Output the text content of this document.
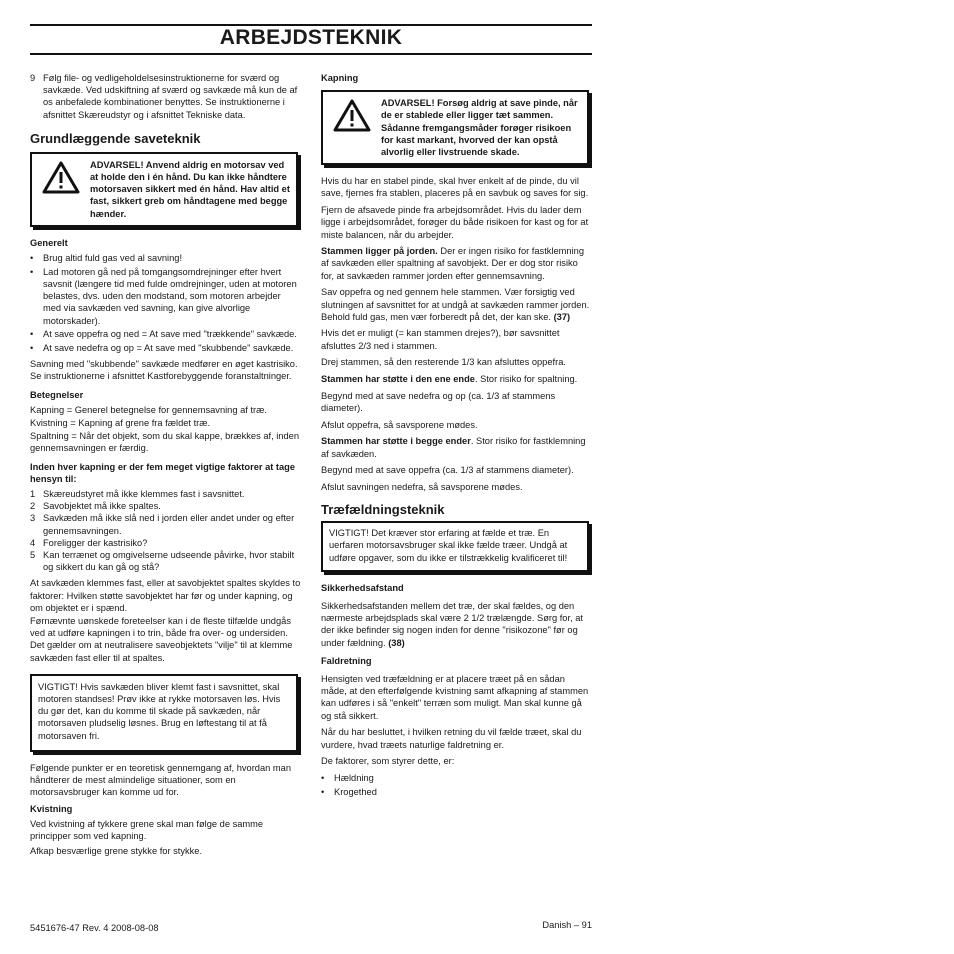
ARBEJDSTEKNIK
9 Følg file- og vedligeholdelsesinstruktionerne for sværd og savkæde. Ved udskiftning af sværd og savkæde må kun de af os anbefalede kombinationer benyttes. Se instruktionerne i afsnittet Skæreudstyr og i afsnittet Tekniske data.
Grundlæggende saveteknik
ADVARSEL! Anvend aldrig en motorsav ved at holde den i én hånd. Du kan ikke håndtere motorsaven sikkert med én hånd. Hav altid et fast, sikkert greb om håndtagene med begge hænder.
Generelt
•	Brug altid fuld gas ved al savning!
•	Lad motoren gå ned på tomgangsomdrejninger efter hvert savsnit (længere tid med fulde omdrejninger, uden at motoren belastes, dvs. uden den modstand, som motoren arbejder med via savkæden ved savning, kan give alvorlige motorskader).
•	At save oppefra og ned = At save med "trækkende" savkæde.
•	At save nedefra og op = At save med "skubbende" savkæde.

Savning med "skubbende" savkæde medfører en øget kastrisiko. Se instruktionerne i afsnittet Kastforebyggende foranstaltninger.

Betegnelser

Kapning = Generel betegnelse for gennemsavning af træ.

Kvistning = Kapning af grene fra fældet træ.

Spaltning = Når det objekt, som du skal kappe, brækkes af, inden gennemsavningen er færdig.

Inden hver kapning er der fem meget vigtige faktorer at tage hensyn til:
1 Skæreudstyret må ikke klemmes fast i savsnittet.
2 Savobjektet må ikke spaltes.
3 Savkæden må ikke slå ned i jorden eller andet under og efter gennemsavningen.
4 Foreligger der kastrisiko?
5 Kan terrænet og omgivelserne udseende påvirke, hvor stabilt og sikkert du kan gå og stå?

At savkæden klemmes fast, eller at savobjektet spaltes skyldes to faktorer: Hvilken støtte savobjektet har før og under kapning, og om objektet er i spænd.

Førnævnte uønskede foreteelser kan i de fleste tilfælde undgås ved at udføre kapningen i to trin, både fra over- og undersiden. Det gælder om at neutralisere saveobjektets "vilje" til at klemme savkæden fast eller til at spaltes.

VIGTIGT! Hvis savkæden bliver klemt fast i savsnittet, skal motoren standses! Prøv ikke at rykke motorsaven løs. Hvis du gør det, kan du komme til skade på savkæden, når motorsaven pludselig løsnes. Brug en løftestang til at få motorsaven fri.

Følgende punkter er en teoretisk gennemgang af, hvordan man håndterer de mest almindelige situationer, som en motorsavsbruger kan komme ud for.

Kvistning

Ved kvistning af tykkere grene skal man følge de samme principper som ved kapning.

Afkap besværlige grene stykke for stykke.

Kapning
ADVARSEL! Forsøg aldrig at save pinde, når de er stablede eller ligger tæt sammen. Sådanne fremgangsmåder forøger risikoen for kast markant, hvorved der kan opstå alvorlig eller livstruende skade.

Hvis du har en stabel pinde, skal hver enkelt af de pinde, du vil save, fjernes fra stablen, placeres på en savbuk og saves for sig.

Fjern de afsavede pinde fra arbejdsområdet. Hvis du lader dem ligge i arbejdsområdet, forøger du både risikoen for kast og for at miste balancen, når du arbejder.

Stammen ligger på jorden. Der er ingen risiko for fastklemning af savkæden eller spaltning af savobjekt. Der er dog stor risiko for, at savkæden rammer jorden efter gennemsavning.

Sav oppefra og ned gennem hele stammen. Vær forsigtig ved slutningen af savsnittet for at undgå at savkæden rammer jorden. Behold fuld gas, men vær forberedt på det, der kan ske. (37)

Hvis det er muligt (= kan stammen drejes?), bør savsnittet afsluttes 2/3 ned i stammen.

Drej stammen, så den resterende 1/3 kan afsluttes oppefra.

Stammen har støtte i den ene ende. Stor risiko for spaltning.

Begynd med at save nedefra og op (ca. 1/3 af stammens diameter).

Afslut oppefra, så savsporene mødes.

Stammen har støtte i begge ender. Stor risiko for fastklemning af savkæden.

Begynd med at save oppefra (ca. 1/3 af stammens diameter).

Afslut savningen nedefra, så savsporene mødes.

Træfældningsteknik
VIGTIGT! Det kræver stor erfaring at fælde et træ. En uerfaren motorsavsbruger skal ikke fælde træer. Undgå at udføre opgaver, som du ikke er tilstrækkelig kvalificeret til!
Sikkerhedsafstand

Sikkerhedsafstanden mellem det træ, der skal fældes, og den nærmeste arbejdsplads skal være 2 1/2 trælængde. Sørg for, at der ikke befinder sig nogen inden for denne "risikozone" før og under fældning. (38)

Faldretning

Hensigten ved træfældning er at placere træet på en sådan måde, at den efterfølgende kvistning samt afkapning af stammen kan udføres i så "enkelt" terræn som muligt. Man skal kunne gå og stå sikkert.

Når du har besluttet, i hvilken retning du vil fælde træet, skal du vurdere, hvad træets naturlige faldretning er.

De faktorer, som styrer dette, er:

•	Hældning
•	Krogethed
5451676-47 Rev. 4 2008-08-08	Danish – 91
